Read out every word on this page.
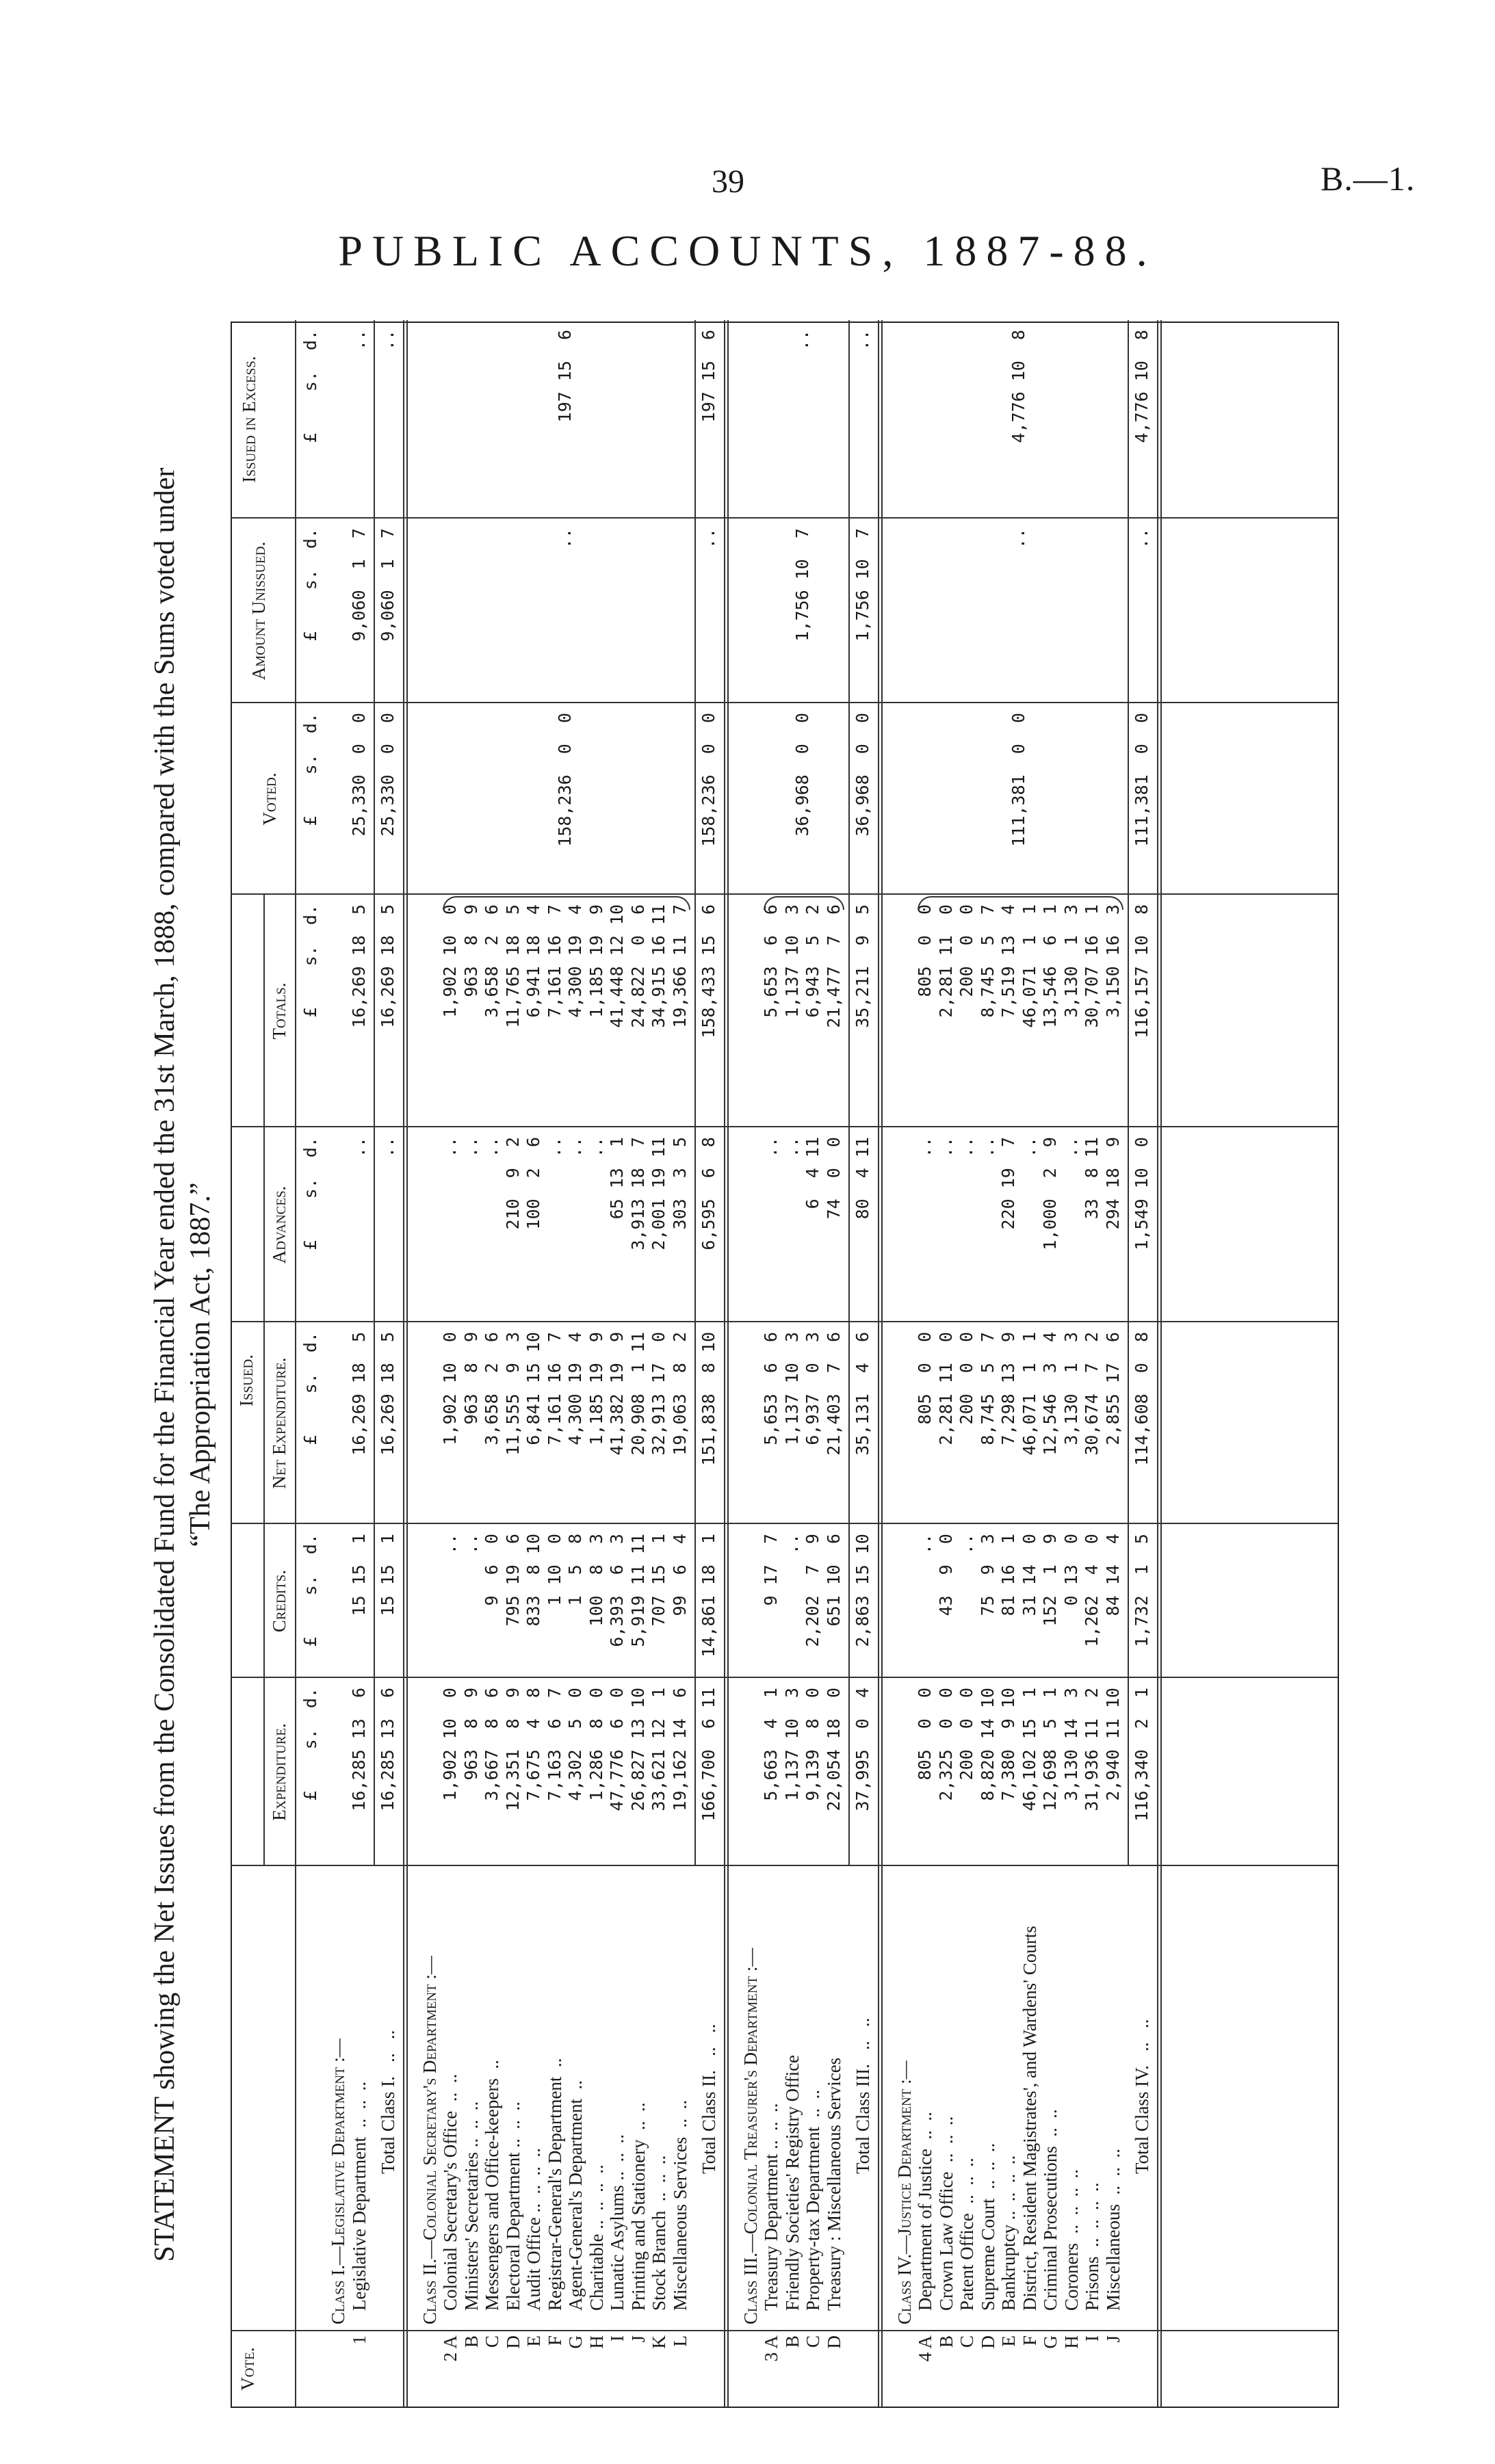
39	B.—1.
PUBLIC ACCOUNTS, 1887-88.
STATEMENT showing the Net Issues from the Consolidated Fund for the Financial Year ended the 31st March, 1888, compared with the Sums voted under “The Appropriation Act, 1887.”
Vote.
Issued.
Expenditure.
Credits.
Net Expenditure.
Advances.
Totals.
Voted.
Amount Unissued.
Issued in Excess.
£    s.  d.
£    s.  d.
£    s.  d.
£    s.  d.
£    s.  d.
£    s.  d.
£    s.  d.
£    s.  d.
Class I.—Legislative Department :—
1
Legislative Department  ..  ..  ..
16,285 13  6
15 15  1
16,269 18  5
..
16,269 18  5
25,330  0  0
9,060  1  7
..
Total Class I.   ..   ..
16,285 13  6
15 15  1
16,269 18  5
..
16,269 18  5
25,330  0  0
9,060  1  7
..
Class II.—Colonial Secretary's Department :—
2 A
Colonial Secretary's Office  ..  ..
1,902 10  0
..
1,902 10  0
..
1,902 10  0
B
Ministers' Secretaries ..  ..  ..
963  8  9
..
963  8  9
..
963  8  9
C
Messengers and Office-keepers  ..
3,667  8  6
9  6  0
3,658  2  6
..
3,658  2  6
D
Electoral Department ..  ..  ..
12,351  8  9
795 19  6
11,555  9  3
210  9  2
11,765 18  5
E
Audit Office ..  ..  ..  ..
7,675  4  8
833  8 10
6,841 15 10
100  2  6
6,941 18  4
F
Registrar-General's Department  ..
7,163  6  7
1 10  0
7,161 16  7
..
7,161 16  7
G
Agent-General's Department  ..
4,302  5  0
1  5  8
4,300 19  4
..
4,300 19  4
H
Charitable ..  ..  ..  ..
1,286  8  0
100  8  3
1,185 19  9
..
1,185 19  9
I
Lunatic Asylums ..  ..  ..
47,776  6  0
6,393  6  3
41,382 19  9
65 13  1
41,448 12 10
J
Printing and Stationery  ..  ..
26,827 13 10
5,919 11 11
20,908  1 11
3,913 18  7
24,822  0  6
K
Stock Branch  ..  ..  ..
33,621 12  1
707 15  1
32,913 17  0
2,001 19 11
34,915 16 11
L
Miscellaneous Services  ..  ..
19,162 14  6
99  6  4
19,063  8  2
303  3  5
19,366 11  7
158,236  0  0
..
197 15  6
Total Class II.   ..   ..
166,700  6 11
14,861 18  1
151,838  8 10
6,595  6  8
158,433 15  6
158,236  0  0
..
197 15  6
Class III.—Colonial Treasurer's Department :—
3 A
Treasury Department ..  ..  ..
5,663  4  1
9 17  7
5,653  6  6
..
5,653  6  6
B
Friendly Societies' Registry Office
1,137 10  3
..
1,137 10  3
..
1,137 10  3
C
Property-tax Department  ..  ..
9,139  8  0
2,202  7  9
6,937  0  3
6  4 11
6,943  5  2
D
Treasury : Miscellaneous Services
22,054 18  0
651 10  6
21,403  7  6
74  0  0
21,477  7  6
36,968  0  0
1,756 10  7
..
Total Class III.   ..   ..
37,995  0  4
2,863 15 10
35,131  4  6
80  4 11
35,211  9  5
36,968  0  0
1,756 10  7
..
Class IV.—Justice Department :—
4 A
Department of Justice  ..  ..
805  0  0
..
805  0  0
..
805  0  0
B
Crown Law Office  ..  ..  ..
2,325  0  0
43  9  0
2,281 11  0
..
2,281 11  0
C
Patent Office  ..  ..  ..
200  0  0
..
200  0  0
..
200  0  0
D
Supreme Court  ..  ..  ..
8,820 14 10
75  9  3
8,745  5  7
..
8,745  5  7
E
Bankruptcy ..  ..  ..  ..
7,380  9 10
81 16  1
7,298 13  9
220 19  7
7,519 13  4
F
District, Resident Magistrates', and Wardens' Courts
46,102 15  1
31 14  0
46,071  1  1
..
46,071  1  1
G
Criminal Prosecutions  ..  ..
12,698  5  1
152  1  9
12,546  3  4
1,000  2  9
13,546  6  1
H
Coroners  ..  ..  ..  ..
3,130 14  3
0 13  0
3,130  1  3
..
3,130  1  3
I
Prisons  ..  ..  ..  ..
31,936 11  2
1,262  4  0
30,674  7  2
33  8 11
30,707 16  1
J
Miscellaneous  ..  ..  ..
2,940 11 10
84 14  4
2,855 17  6
294 18  9
3,150 16  3
111,381  0  0
..
4,776 10  8
Total Class IV.   ..   ..
116,340  2  1
1,732  1  5
114,608  0  8
1,549 10  0
116,157 10  8
111,381  0  0
..
4,776 10  8
